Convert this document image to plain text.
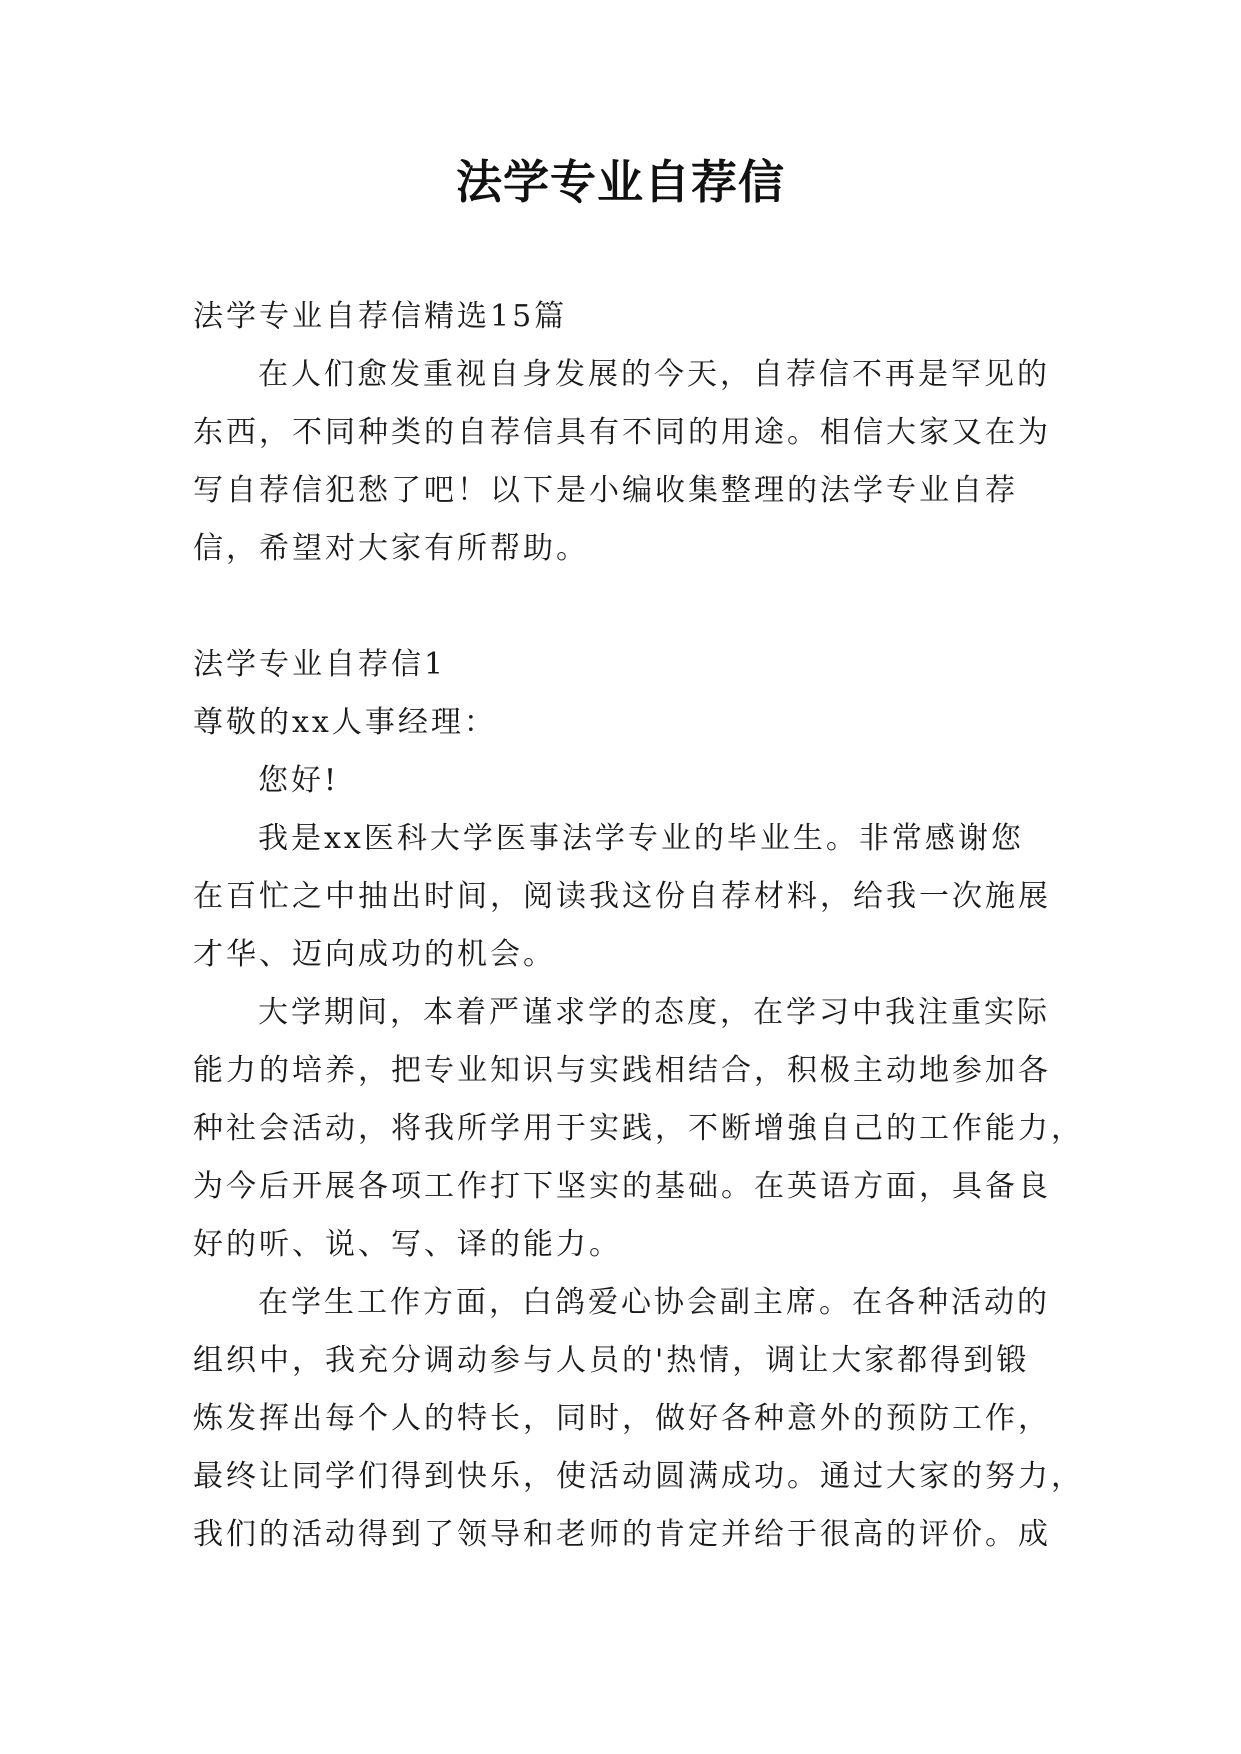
法学专业自荐信
法学专业自荐信精选15篇
在人们愈发重视自身发展的今天，自荐信不再是罕见的
东西，不同种类的自荐信具有不同的用途。相信大家又在为
写自荐信犯愁了吧！以下是小编收集整理的法学专业自荐
信，希望对大家有所帮助。
法学专业自荐信1
尊敬的xx人事经理：
您好!
我是xx医科大学医事法学专业的毕业生。非常感谢您
在百忙之中抽出时间，阅读我这份自荐材料，给我一次施展
才华、迈向成功的机会。
大学期间，本着严谨求学的态度，在学习中我注重实际
能力的培养，把专业知识与实践相结合，积极主动地参加各
种社会活动，将我所学用于实践，不断增強自己的工作能力，
为今后开展各项工作打下坚实的基础。在英语方面，具备良
好的听、说、写、译的能力。
在学生工作方面，白鸽爱心协会副主席。在各种活动的
组织中，我充分调动参与人员的'热情，调让大家都得到锻
炼发挥出每个人的特长，同时，做好各种意外的预防工作，
最终让同学们得到快乐，使活动圆满成功。通过大家的努力，
我们的活动得到了领导和老师的肯定并给于很高的评价。成
